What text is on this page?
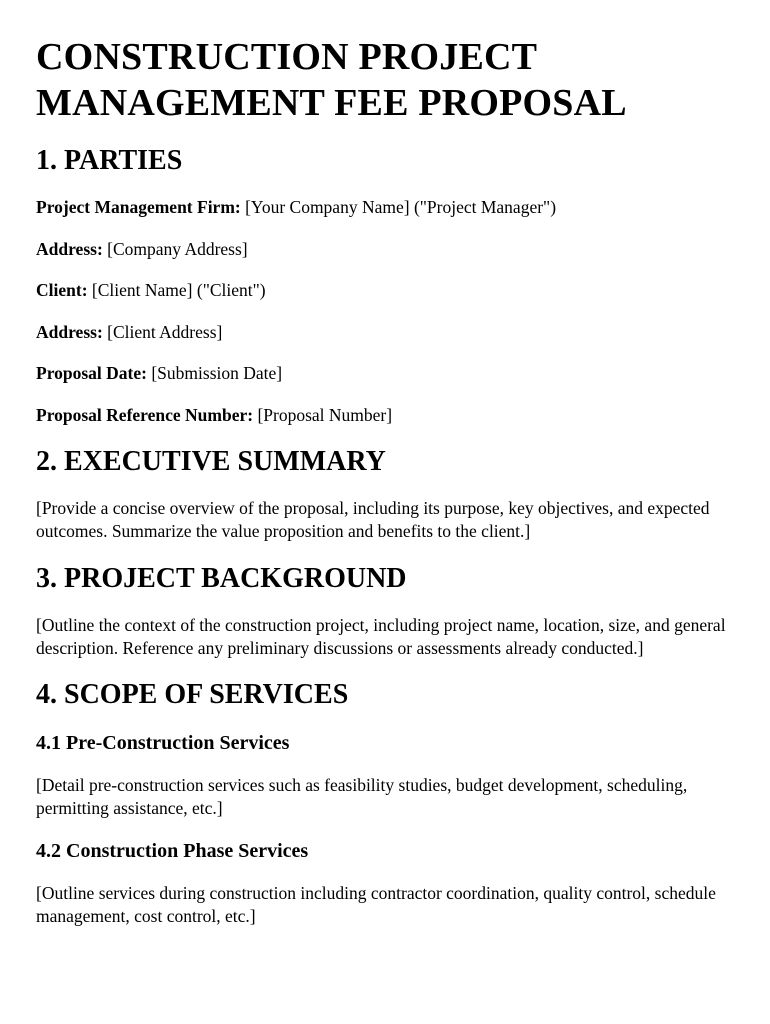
CONSTRUCTION PROJECT
MANAGEMENT FEE PROPOSAL
1. PARTIES

Project Management Firm: [Your Company Name] ("Project Manager")

Address: [Company Address]

Client: [Client Name] ("Client")

Address: [Client Address]

Proposal Date: [Submission Date]

Proposal Reference Number: [Proposal Number]

2. EXECUTIVE SUMMARY

[Provide a concise overview of the proposal, including its purpose, key objectives, and expected outcomes. Summarize the value proposition and benefits to the client.]

3. PROJECT BACKGROUND

[Outline the context of the construction project, including project name, location, size, and general description. Reference any preliminary discussions or assessments already conducted.]

4. SCOPE OF SERVICES
4.1 Pre-Construction Services

[Detail pre-construction services such as feasibility studies, budget development, scheduling, permitting assistance, etc.]

4.2 Construction Phase Services

[Outline services during construction including contractor coordination, quality control, schedule management, cost control, etc.]
